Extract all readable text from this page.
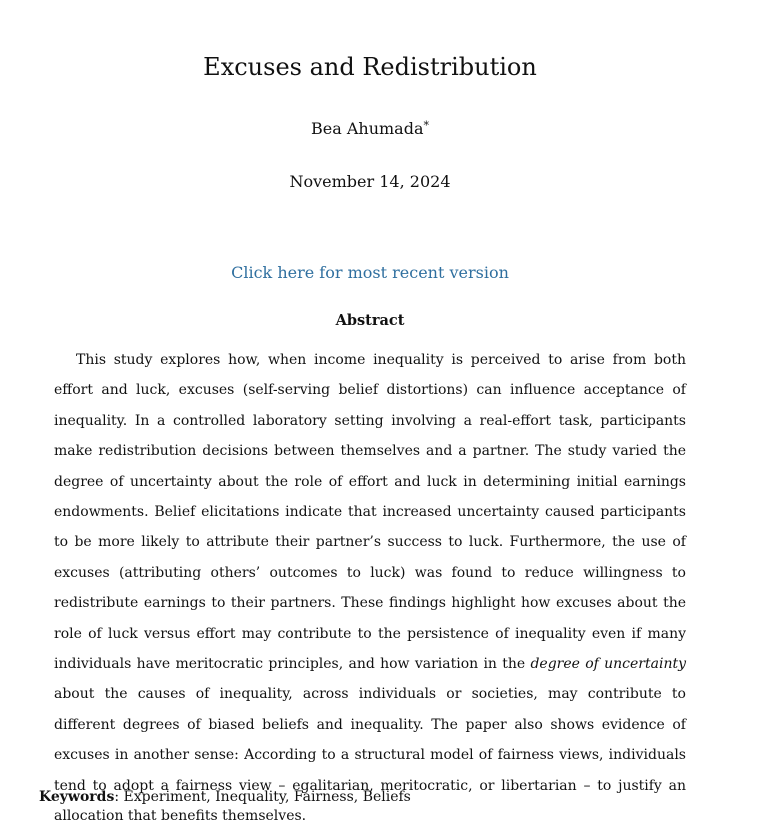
Excuses and Redistribution
Bea Ahumada*
November 14, 2024
Click here for most recent version
Abstract

This study explores how, when income inequality is perceived to arise from both effort and luck, excuses (self-serving belief distortions) can influence acceptance of inequality. In a controlled laboratory setting involving a real-effort task, participants make redistribution decisions between themselves and a partner. The study varied the degree of uncertainty about the role of effort and luck in determining initial earnings endowments. Belief elicitations indicate that increased uncertainty caused participants to be more likely to attribute their partner’s success to luck. Furthermore, the use of excuses (attributing others’ outcomes to luck) was found to reduce willingness to redistribute earnings to their partners. These findings highlight how excuses about the role of luck versus effort may contribute to the persistence of inequality even if many individuals have meritocratic principles, and how variation in the degree of uncertainty about the causes of inequality, across individuals or societies, may contribute to different degrees of biased beliefs and inequality. The paper also shows evidence of excuses in another sense: According to a structural model of fairness views, individuals tend to adopt a fairness view – egalitarian, meritocratic, or libertarian – to justify an allocation that benefits themselves.

Keywords: Experiment, Inequality, Fairness, Beliefs
